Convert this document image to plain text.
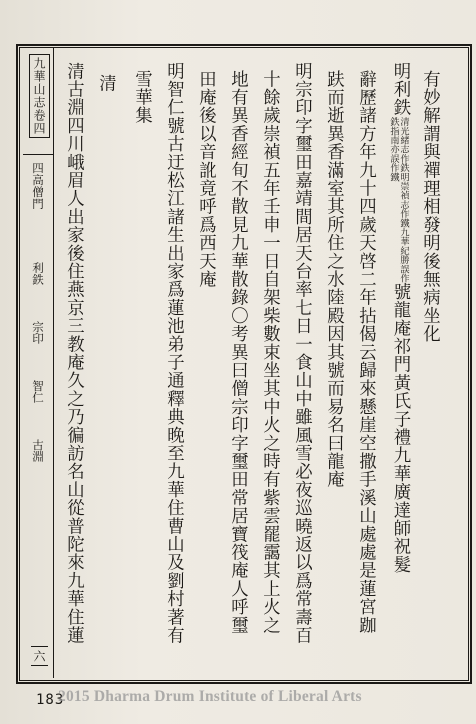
九華山志卷四
四高僧門
利鉄 宗印 智仁 古淵
六
有妙解謂與禪理相發明後無病坐化
明利鉄清光緒志作鉄明崇禎志作鐵九華紀勝誤作鉄指南亦誤作鐵號龍庵祁門黃氏子禮九華廣達師祝髮
辭歷諸方年九十四歲天啓二年拈偈云歸來懸崖空撒手溪山處處是蓮宮跏
趺而逝異香滿室其所住之水陸殿因其號而易名曰龍庵
明宗印字璽田嘉靖間居天台率七日一食山中雖風雪必夜巡曉返以爲常壽百
十餘歲崇禎五年壬申一日自架柴數束坐其中火之時有紫雲罷靄其上火之
地有異香經旬不散見九華散錄〇考異曰僧宗印字璽田常居寶筏庵人呼璽
田庵後以音訛竟呼爲西天庵
明智仁號古迂松江諸生出家爲蓮池弟子通釋典晚至九華住曹山及劉村著有
雪華集
清
清古淵四川峨眉人出家後住燕京三教庵久之乃徧訪名山從普陀來九華住蓮
183
2015 Dharma Drum Institute of Liberal Arts
